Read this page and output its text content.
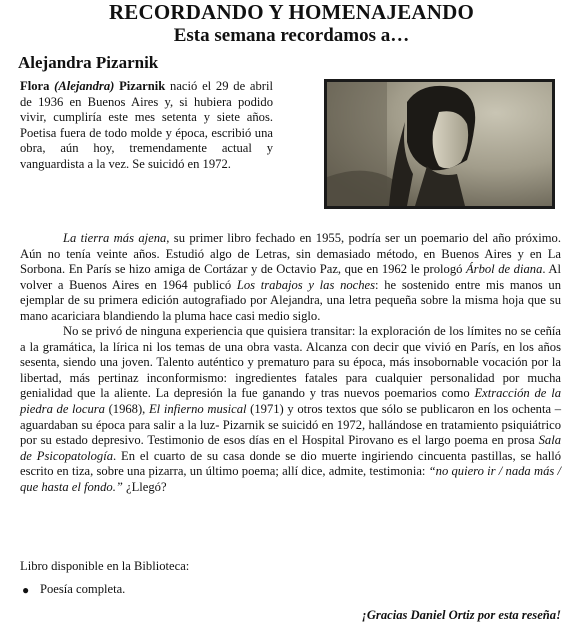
RECORDANDO Y HOMENAJEANDO
Esta semana recordamos a…
Alejandra Pizarnik
Flora (Alejandra) Pizarnik nació el 29 de abril de 1936 en Buenos Aires y, si hubiera podido vivir, cumpliría este mes setenta y siete años. Poetisa fuera de todo molde y época, escribió una obra, aún hoy, tremendamente actual y vanguardista a la vez. Se suicidó en 1972.

La tierra más ajena, su primer libro fechado en 1955, podría ser un poemario del año próximo. Aún no tenía veinte años. Estudió algo de Letras, sin demasiado método, en Buenos Aires y en La Sorbona. En París se hizo amiga de Cortázar y de Octavio Paz, que en 1962 le prologó Árbol de diana. Al volver a Buenos Aires en 1964 publicó Los trabajos y las noches: he sostenido entre mis manos un ejemplar de su primera edición autografiado por Alejandra, una letra pequeña sobre la misma hoja que su mano acariciara blandiendo la pluma hace casi medio siglo.

No se privó de ninguna experiencia que quisiera transitar: la exploración de los límites no se ceñía a la gramática, la lírica ni los temas de una obra vasta. Alcanza con decir que vivió en París, en los años sesenta, siendo una joven. Talento auténtico y prematuro para su época, más insobornable vocación por la libertad, más pertinaz inconformismo: ingredientes fatales para cualquier personalidad por mucha genialidad que la aliente. La depresión la fue ganando y tras nuevos poemarios como Extracción de la piedra de locura (1968), El infierno musical (1971) y otros textos que sólo se publicaron en los ochenta –aguardaban su época para salir a la luz- Pizarnik se suicidó en 1972, hallándose en tratamiento psiquiátrico por su estado depresivo. Testimonio de esos días en el Hospital Pirovano es el largo poema en prosa Sala de Psicopatología. En el cuarto de su casa donde se dio muerte ingiriendo cincuenta pastillas, se halló escrito en tiza, sobre una pizarra, un último poema; allí dice, admite, testimonia: “no quiero ir / nada más / que hasta el fondo.” ¿Llegó?

Libro disponible en la Biblioteca:
● Poesía completa.
¡Gracias Daniel Ortiz por esta reseña!
